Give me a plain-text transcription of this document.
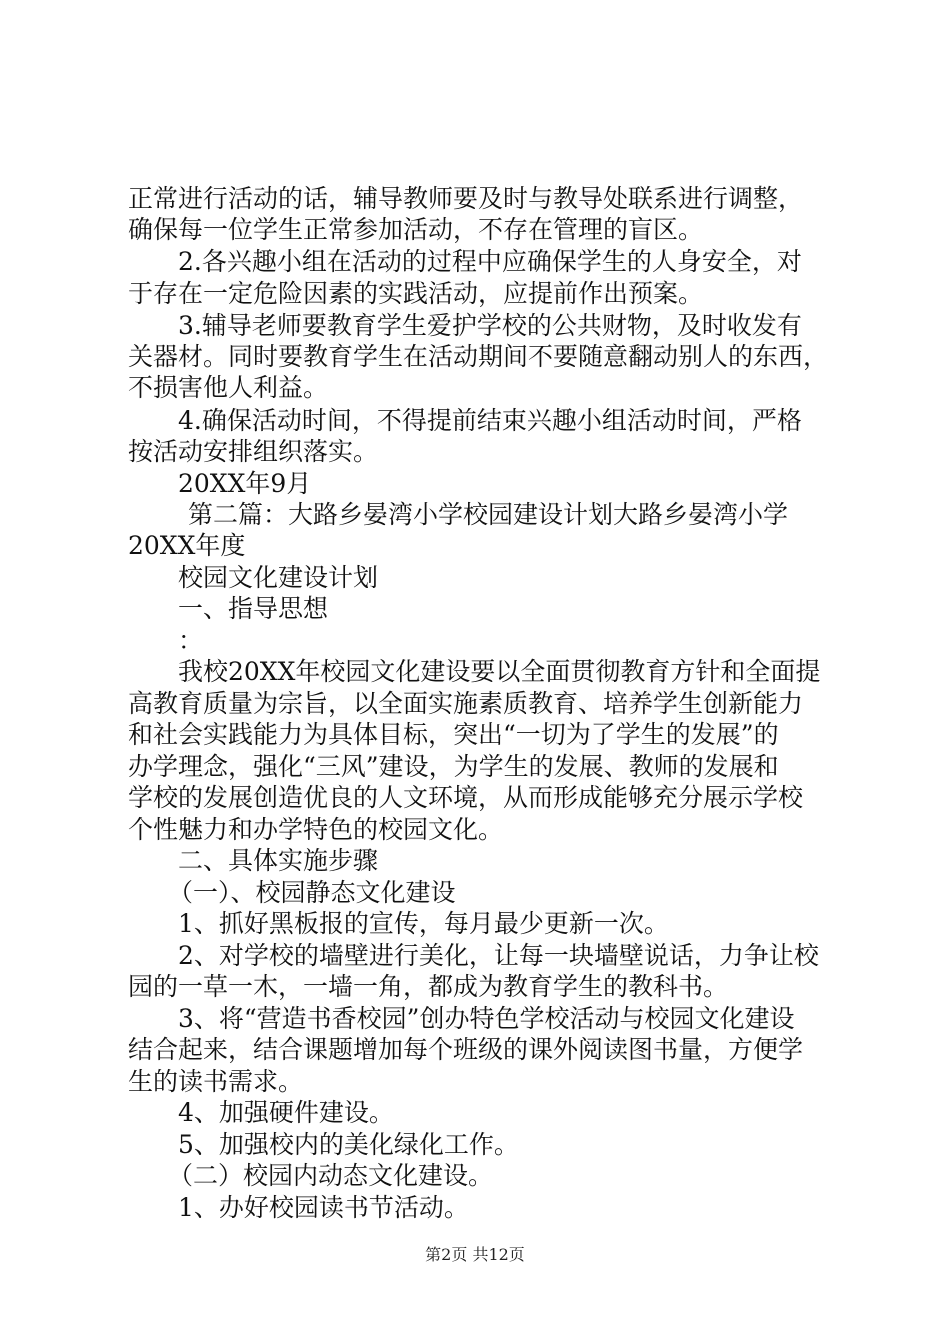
正常进行活动的话，辅导教师要及时与教导处联系进行调整，
确保每一位学生正常参加活动，不存在管理的盲区。
2.各兴趣小组在活动的过程中应确保学生的人身安全，对
于存在一定危险因素的实践活动，应提前作出预案。
3.辅导老师要教育学生爱护学校的公共财物，及时收发有
关器材。同时要教育学生在活动期间不要随意翻动别人的东西，
不损害他人利益。
4.确保活动时间，不得提前结束兴趣小组活动时间，严格
按活动安排组织落实。
20XX年9月
第二篇：大路乡晏湾小学校园建设计划大路乡晏湾小学
20XX年度
校园文化建设计划
一、指导思想
：
我校20XX年校园文化建设要以全面贯彻教育方针和全面提
高教育质量为宗旨，以全面实施素质教育、培养学生创新能力
和社会实践能力为具体目标，突出“一切为了学生的发展”的
办学理念，强化“三风”建设，为学生的发展、教师的发展和
学校的发展创造优良的人文环境，从而形成能够充分展示学校
个性魅力和办学特色的校园文化。
二、具体实施步骤
（一）、校园静态文化建设
1、抓好黑板报的宣传，每月最少更新一次。
2、对学校的墙壁进行美化，让每一块墙壁说话，力争让校
园的一草一木，一墙一角，都成为教育学生的教科书。
3、将“营造书香校园”创办特色学校活动与校园文化建设
结合起来，结合课题增加每个班级的课外阅读图书量，方便学
生的读书需求。
4、加强硬件建设。
5、加强校内的美化绿化工作。
（二）校园内动态文化建设。
1、办好校园读书节活动。
第2页 共12页
